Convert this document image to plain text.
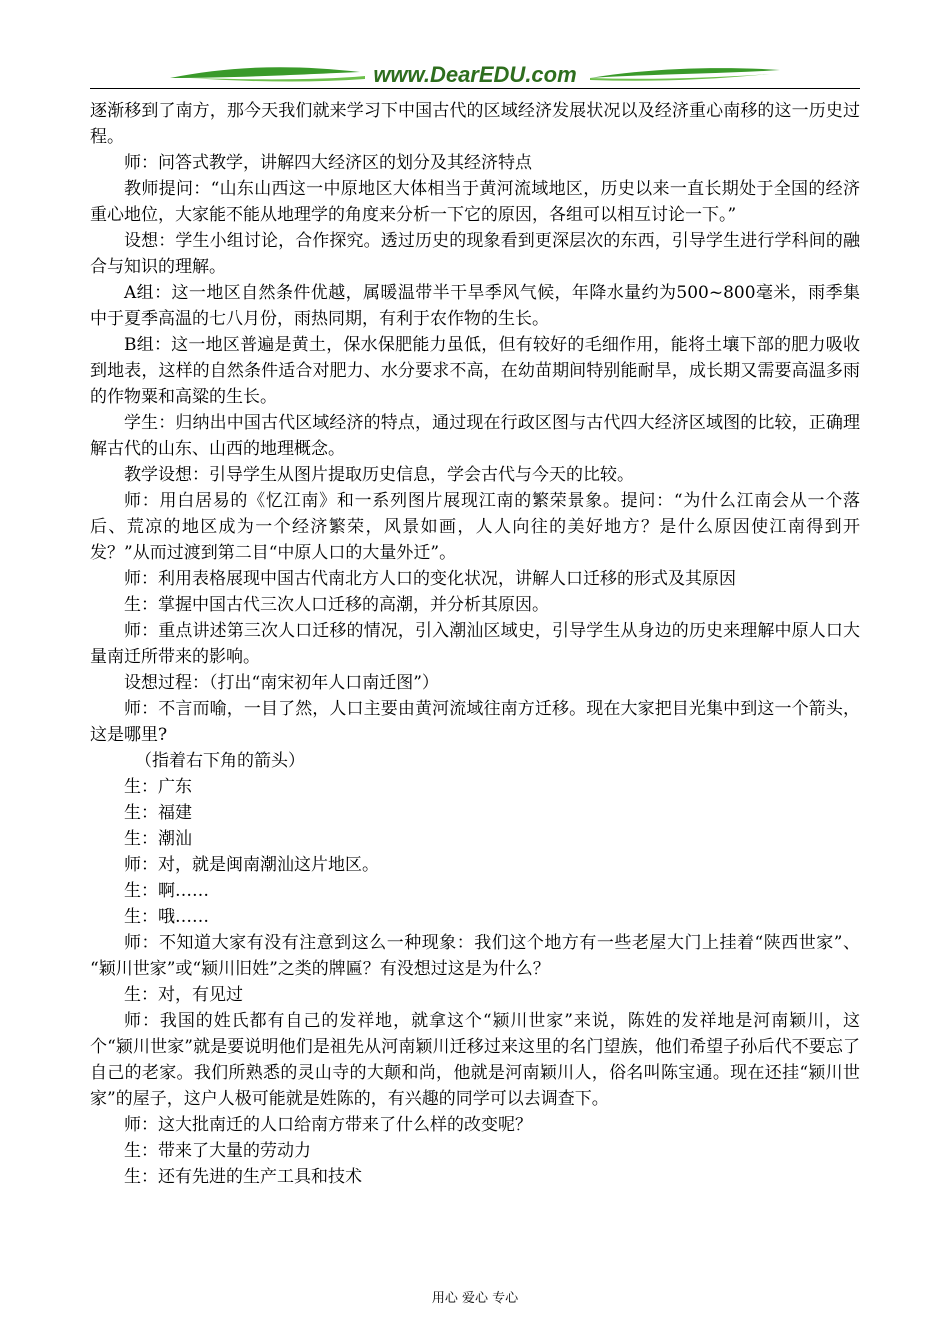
www.DearEDU.com

逐渐移到了南方，那今天我们就来学习下中国古代的区域经济发展状况以及经济重心南移的这一历史过程。

师：问答式教学，讲解四大经济区的划分及其经济特点

教师提问：“山东山西这一中原地区大体相当于黄河流域地区，历史以来一直长期处于全国的经济重心地位，大家能不能从地理学的角度来分析一下它的原因，各组可以相互讨论一下。”

设想：学生小组讨论，合作探究。透过历史的现象看到更深层次的东西，引导学生进行学科间的融合与知识的理解。

A组：这一地区自然条件优越，属暖温带半干旱季风气候，年降水量约为500~800毫米，雨季集中于夏季高温的七八月份，雨热同期，有利于农作物的生长。

B组：这一地区普遍是黄土，保水保肥能力虽低，但有较好的毛细作用，能将土壤下部的肥力吸收到地表，这样的自然条件适合对肥力、水分要求不高，在幼苗期间特别能耐旱，成长期又需要高温多雨的作物粟和高粱的生长。

学生：归纳出中国古代区域经济的特点，通过现在行政区图与古代四大经济区域图的比较，正确理解古代的山东、山西的地理概念。

教学设想：引导学生从图片提取历史信息，学会古代与今天的比较。

师：用白居易的《忆江南》和一系列图片展现江南的繁荣景象。提问：“为什么江南会从一个落后、荒凉的地区成为一个经济繁荣，风景如画，人人向往的美好地方？是什么原因使江南得到开发？”从而过渡到第二目“中原人口的大量外迁”。

师：利用表格展现中国古代南北方人口的变化状况，讲解人口迁移的形式及其原因

生：掌握中国古代三次人口迁移的高潮，并分析其原因。

师：重点讲述第三次人口迁移的情况，引入潮汕区域史，引导学生从身边的历史来理解中原人口大量南迁所带来的影响。

设想过程：（打出“南宋初年人口南迁图”）

师：不言而喻，一目了然，人口主要由黄河流域往南方迁移。现在大家把目光集中到这一个箭头，这是哪里?

（指着右下角的箭头）

生：广东

生：福建

生：潮汕

师：对，就是闽南潮汕这片地区。

生：啊……

生：哦……

师：不知道大家有没有注意到这么一种现象：我们这个地方有一些老屋大门上挂着“陕西世家”、 “颖川世家”或“颍川旧姓”之类的牌匾？有没想过这是为什么？

生：对，有见过

师：我国的姓氏都有自己的发祥地，就拿这个“颍川世家”来说，陈姓的发祥地是河南颖川，这个“颍川世家”就是要说明他们是祖先从河南颖川迁移过来这里的名门望族，他们希望子孙后代不要忘了自己的老家。我们所熟悉的灵山寺的大颠和尚，他就是河南颖川人，俗名叫陈宝通。现在还挂“颍川世家”的屋子，这户人极可能就是姓陈的，有兴趣的同学可以去调查下。

师：这大批南迁的人口给南方带来了什么样的改变呢？

生：带来了大量的劳动力

生：还有先进的生产工具和技术

用心 爱心 专心
